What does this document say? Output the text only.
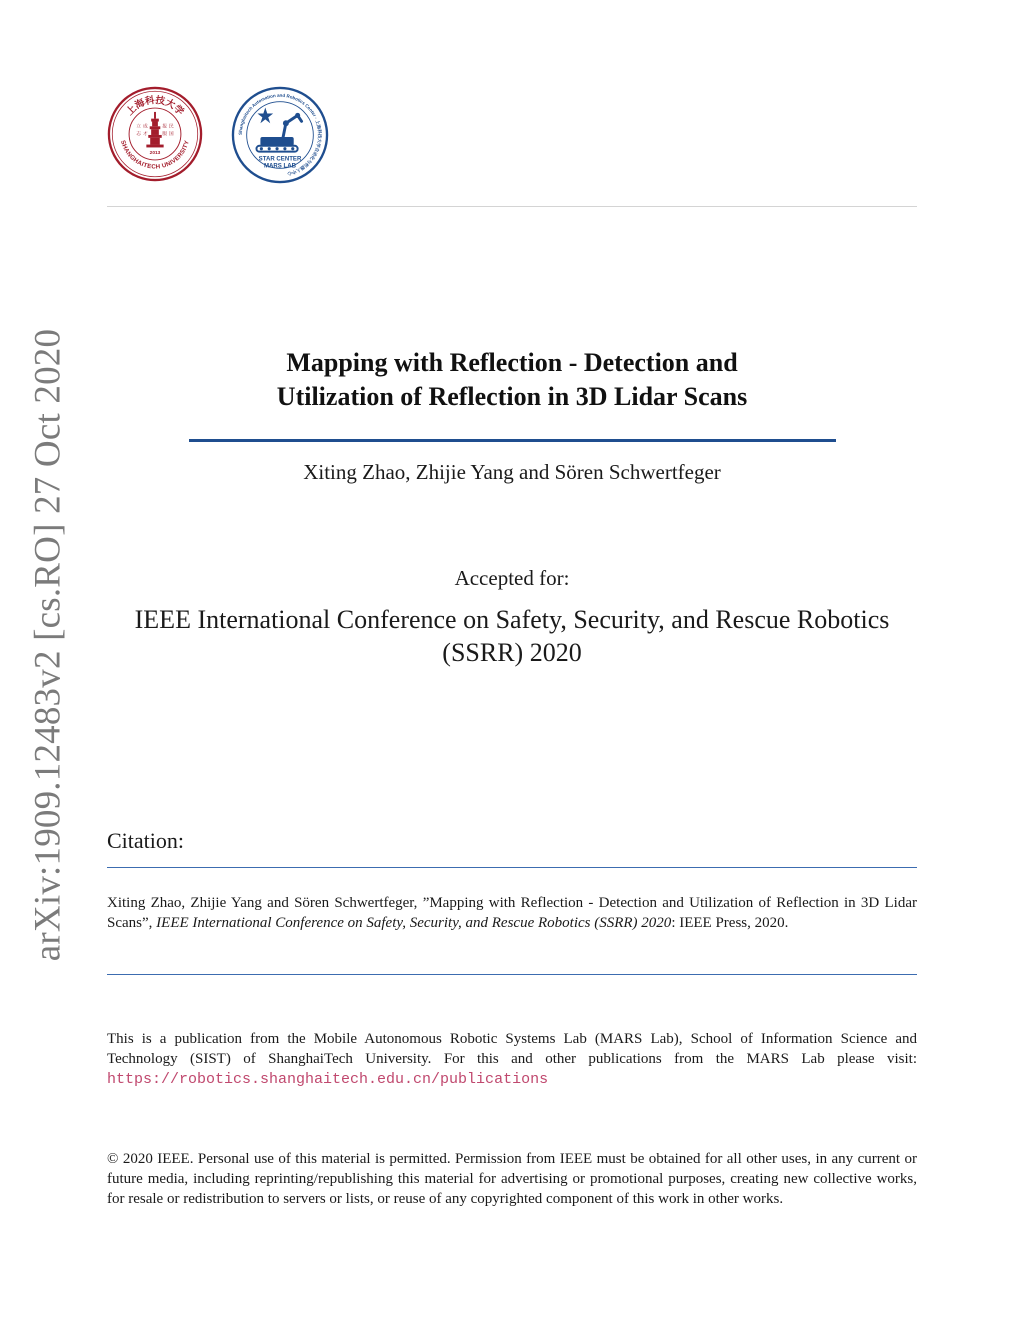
上海科技大学
SHANGHAITECH UNIVERSITY
立 成
志 才
报 民
服 国
2013
Shanghaitech Automation and Robotics Center · 上海科技大学自动化与机器人中心
STAR CENTER
MARS LAB
arXiv:1909.12483v2 [cs.RO] 27 Oct 2020	Mapping with Reflection - Detection and
Utilization of Reflection in 3D Lidar Scans
Xiting Zhao, Zhijie Yang and Sören Schwertfeger
Accepted for:
IEEE International Conference on Safety, Security, and Rescue Robotics
(SSRR) 2020
Citation:
Xiting Zhao, Zhijie Yang and Sören Schwertfeger, ”Mapping with Reflection - Detection and Utilization of Reflection in 3D Lidar Scans”, IEEE International Conference on Safety, Security, and Rescue Robotics (SSRR) 2020: IEEE Press, 2020.
This is a publication from the Mobile Autonomous Robotic Systems Lab (MARS Lab), School of Information Science and Technology (SIST) of ShanghaiTech University. For this and other publications from the MARS Lab please visit: https://robotics.shanghaitech.edu.cn/publications
© 2020 IEEE. Personal use of this material is permitted. Permission from IEEE must be obtained for all other uses, in any current or future media, including reprinting/republishing this material for advertising or promotional purposes, creating new collective works, for resale or redistribution to servers or lists, or reuse of any copyrighted component of this work in other works.
